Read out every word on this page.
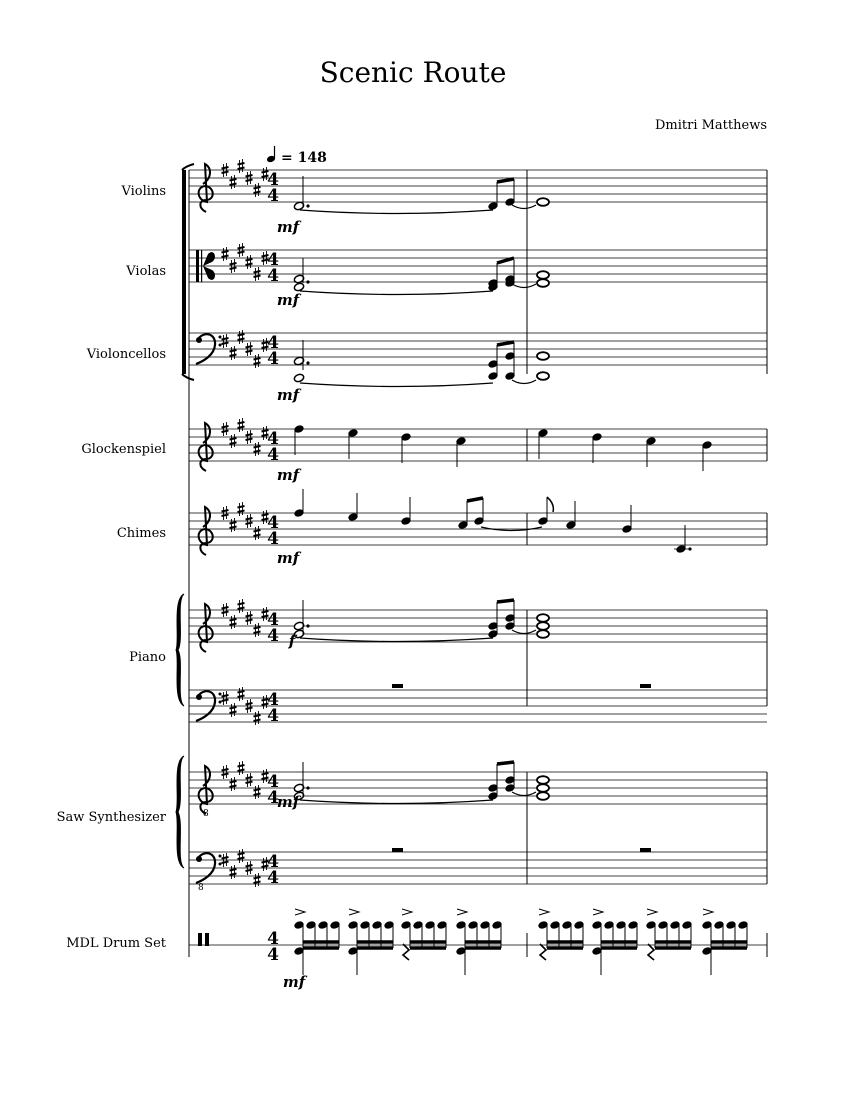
Scenic Route
Dmitri Matthews
= 148
Violins
Violas
Violoncellos
Glockenspiel
Chimes
Piano
Saw Synthesizer
MDL Drum Set
8
8
4
4
4
4
4
4
4
4
4
4
4
4
4
4
4
4
4
4
4
4
mf
mf
mf
mf
mf
f
mf
mf
